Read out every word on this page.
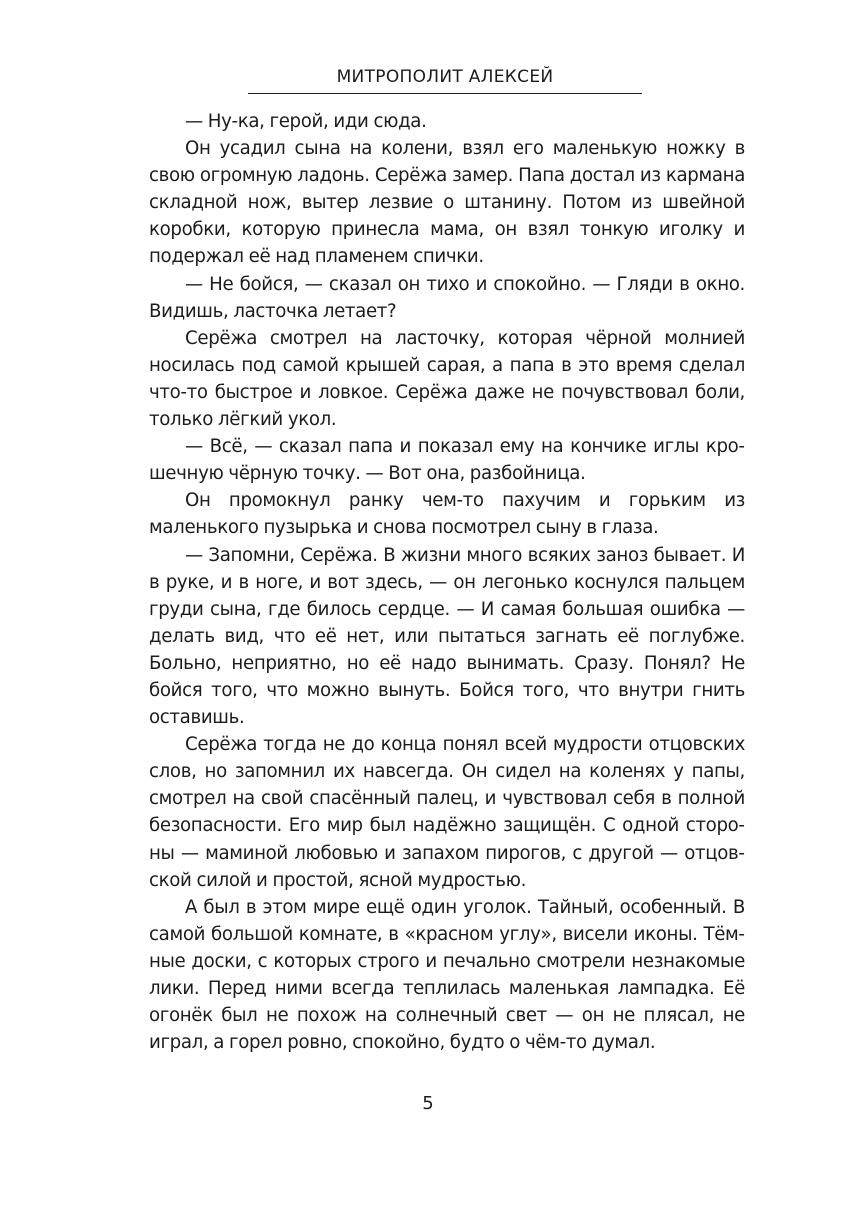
МИТРОПОЛИТ АЛЕКСЕЙ

— Ну-ка, герой, иди сюда.

Он усадил сына на колени, взял его маленькую ножку в свою огромную ладонь. Серёжа замер. Папа достал из кармана складной нож, вытер лезвие о штанину. Потом из швейной коробки, которую принесла мама, он взял тонкую иголку и подержал её над пламенем спички.

— Не бойся, — сказал он тихо и спокойно. — Гляди в окно. Видишь, ласточка летает?

Серёжа смотрел на ласточку, которая чёрной молнией носилась под самой крышей сарая, а папа в это время сделал что-то быстрое и ловкое. Серёжа даже не почувствовал боли, только лёгкий укол.

— Всё, — сказал папа и показал ему на кончике иглы крошечную чёрную точку. — Вот она, разбойница.

Он промокнул ранку чем-то пахучим и горьким из маленького пузырька и снова посмотрел сыну в глаза.

— Запомни, Серёжа. В жизни много всяких заноз бывает. И в руке, и в ноге, и вот здесь, — он легонько коснулся пальцем груди сына, где билось сердце. — И самая большая ошибка — делать вид, что её нет, или пытаться загнать её поглубже. Больно, неприятно, но её надо вынимать. Сразу. Понял? Не бойся того, что можно вынуть. Бойся того, что внутри гнить оставишь.

Серёжа тогда не до конца понял всей мудрости отцовских слов, но запомнил их навсегда. Он сидел на коленях у папы, смотрел на свой спасённый палец, и чувствовал себя в полной безопасности. Его мир был надёжно защищён. С одной стороны — маминой любовью и запахом пирогов, с другой — отцовской силой и простой, ясной мудростью.

А был в этом мире ещё один уголок. Тайный, особенный. В самой большой комнате, в «красном углу», висели иконы. Тёмные доски, с которых строго и печально смотрели незнакомые лики. Перед ними всегда теплилась маленькая лампадка. Её огонёк был не похож на солнечный свет — он не плясал, не играл, а горел ровно, спокойно, будто о чём-то думал.

5
